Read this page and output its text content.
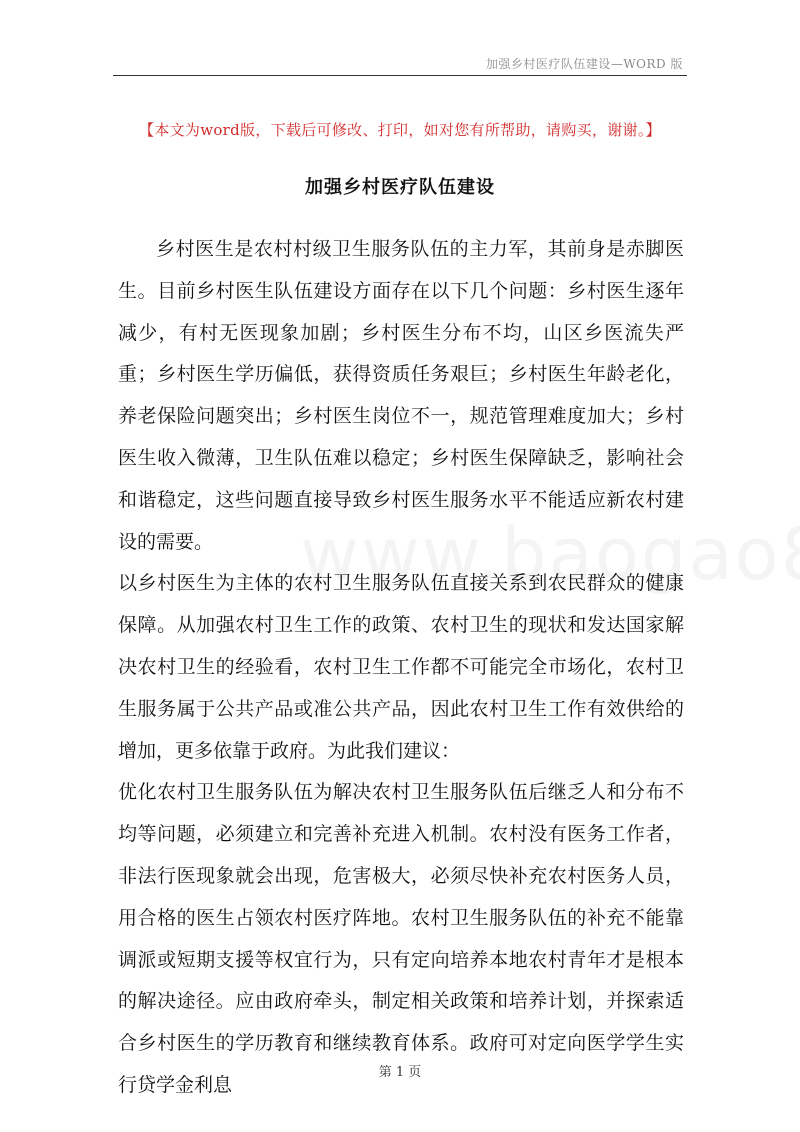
加强乡村医疗队伍建设—WORD 版
【本文为word版，下载后可修改、打印，如对您有所帮助，请购买，谢谢。】
加强乡村医疗队伍建设

乡村医生是农村村级卫生服务队伍的主力军，其前身是赤脚医生。目前乡村医生队伍建设方面存在以下几个问题：乡村医生逐年减少，有村无医现象加剧；乡村医生分布不均，山区乡医流失严重；乡村医生学历偏低，获得资质任务艰巨；乡村医生年龄老化，养老保险问题突出；乡村医生岗位不一，规范管理难度加大；乡村医生收入微薄，卫生队伍难以稳定；乡村医生保障缺乏，影响社会和谐稳定，这些问题直接导致乡村医生服务水平不能适应新农村建设的需要。

以乡村医生为主体的农村卫生服务队伍直接关系到农民群众的健康保障。从加强农村卫生工作的政策、农村卫生的现状和发达国家解决农村卫生的经验看，农村卫生工作都不可能完全市场化，农村卫生服务属于公共产品或准公共产品，因此农村卫生工作有效供给的增加，更多依靠于政府。为此我们建议：

优化农村卫生服务队伍为解决农村卫生服务队伍后继乏人和分布不均等问题，必须建立和完善补充进入机制。农村没有医务工作者，非法行医现象就会出现，危害极大，必须尽快补充农村医务人员，用合格的医生占领农村医疗阵地。农村卫生服务队伍的补充不能靠调派或短期支援等权宜行为，只有定向培养本地农村青年才是根本的解决途径。应由政府牵头，制定相关政策和培养计划，并探索适合乡村医生的学历教育和继续教育体系。政府可对定向医学学生实行贷学金利息

第 1 页
